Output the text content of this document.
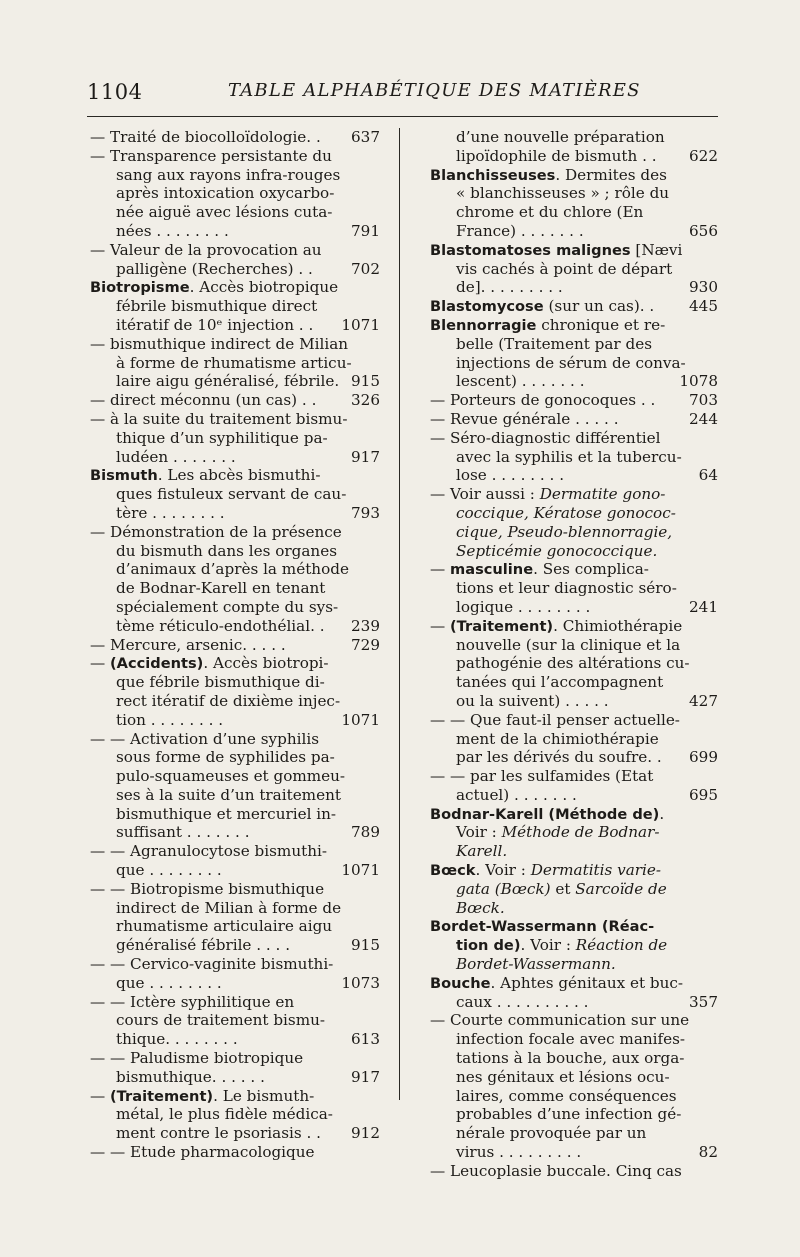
1104	TABLE ALPHABÉTIQUE DES MATIÈRES
— Traité de biocolloïdologie. . 637
— Transparence persistante du
sang aux rayons infra-rouges
après intoxication oxycarbo-
née aiguë avec lésions cuta-
nées . . . . . . . .	791
— Valeur de la provocation au
palligène (Recherches) . .	702
Biotropisme. Accès biotropique
fébrile bismuthique direct
itératif de 10ᵉ injection . . 1071
— bismuthique indirect de Milian
à forme de rhumatisme articu-
laire aigu généralisé, fébrile. 915
— direct méconnu (un cas) . . 326
— à la suite du traitement bismu-
thique d’un syphilitique pa-
ludéen . . . . . . .	917
Bismuth. Les abcès bismuthi-
ques fistuleux servant de cau-
tère . . . . . . . .	793
— Démonstration de la présence
du bismuth dans les organes
d’animaux d’après la méthode
de Bodnar-Karell en tenant
spécialement compte du sys-
tème réticulo-endothélial. . 239
— Mercure, arsenic. . . . .	729
— (Accidents). Accès biotropi-
que fébrile bismuthique di-
rect itératif de dixième injec-
tion . . . . . . . .	1071
— — Activation d’une syphilis
sous forme de syphilides pa-
pulo-squameuses et gommeu-
ses à la suite d’un traitement
bismuthique et mercuriel in-
suffisant . . . . . . .	789
— — Agranulocytose bismuthi-
que . . . . . . . .	1071
— — Biotropisme bismuthique
indirect de Milian à forme de
rhumatisme articulaire aigu
généralisé fébrile . . . .	915
— — Cervico-vaginite bismuthi-
que . . . . . . . .	1073
— — Ictère syphilitique en
cours de traitement bismu-
thique. . . . . . . .	613
— — Paludisme biotropique
bismuthique. . . . . .	917
— (Traitement). Le bismuth-
métal, le plus fidèle médica-
ment contre le psoriasis . . 912
— — Etude pharmacologique
d’une nouvelle préparation
lipoïdophile de bismuth . . 622
Blanchisseuses. Dermites des
« blanchisseuses » ; rôle du
chrome et du chlore (En
France) . . . . . . .	656
Blastomatoses malignes [Nævi
vis cachés à point de départ
de]. . . . . . . . .	930
Blastomycose (sur un cas). . 445
Blennorragie chronique et re-
belle (Traitement par des
injections de sérum de conva-
lescent) . . . . . . .	1078
— Porteurs de gonocoques . . 703
— Revue générale . . . . .	244
— Séro-diagnostic différentiel
avec la syphilis et la tubercu-
lose . . . . . . . .	64
— Voir aussi : Dermatite gono-
coccique, Kératose gonococ-
cique, Pseudo-blennorragie,
Septicémie gonococcique.
— masculine. Ses complica-
tions et leur diagnostic séro-
logique . . . . . . . .	241
— (Traitement). Chimiothérapie
nouvelle (sur la clinique et la
pathogénie des altérations cu-
tanées qui l’accompagnent
ou la suivent) . . . . .	427
— — Que faut-il penser actuelle-
ment de la chimiothérapie
par les dérivés du soufre. . 699
— — par les sulfamides (Etat
actuel) . . . . . . .	695
Bodnar-Karell (Méthode de).
Voir : Méthode de Bodnar-
Karell.
Bœck. Voir : Dermatitis varie-
gata (Bœck) et Sarcoïde de
Bœck.
Bordet-Wassermann (Réac-
tion de). Voir : Réaction de
Bordet-Wassermann.
Bouche. Aphtes génitaux et buc-
caux . . . . . . . . . .	357
— Courte communication sur une
infection focale avec manifes-
tations à la bouche, aux orga-
nes génitaux et lésions ocu-
laires, comme conséquences
probables d’une infection gé-
nérale provoquée par un
virus . . . . . . . . .	82
— Leucoplasie buccale. Cinq cas
